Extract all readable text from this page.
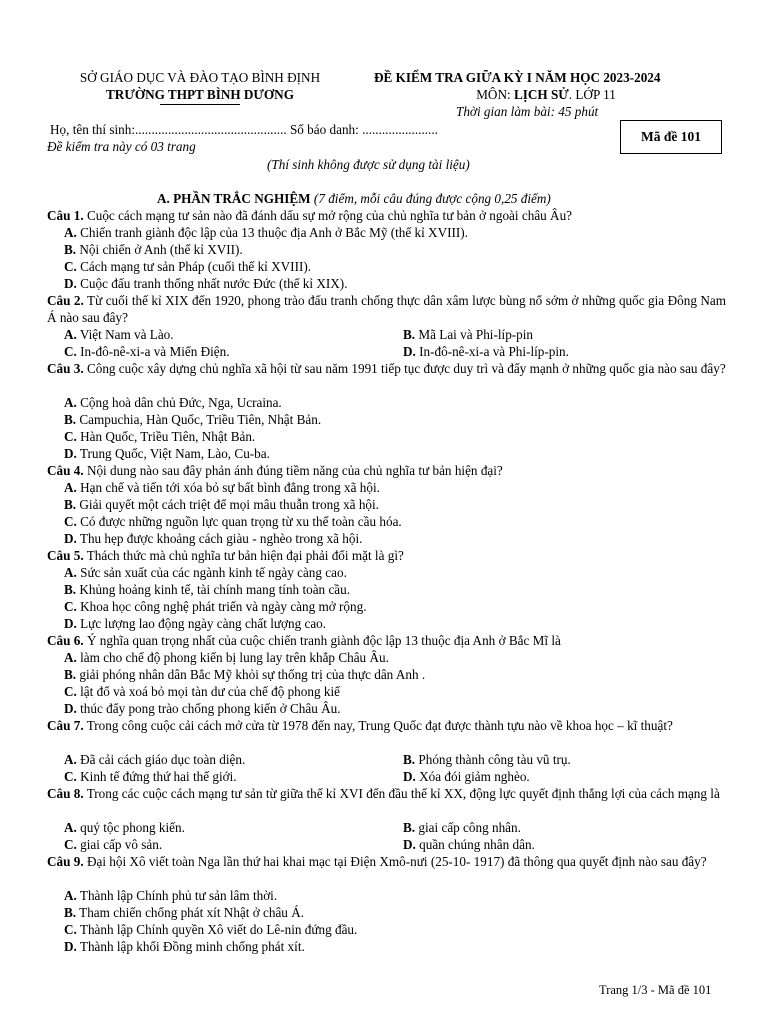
SỞ GIÁO DỤC VÀ ĐÀO TẠO BÌNH ĐỊNH
TRƯỜNG THPT BÌNH DƯƠNG
ĐỀ KIỂM TRA GIỮA KỲ I NĂM HỌC 2023-2024
MÔN: LỊCH SỬ. LỚP 11
Thời gian làm bài: 45 phút
Mã đề 101
Họ, tên thí sinh:.............................................. Số báo danh: .......................
Đề kiểm tra này có 03 trang
(Thí sinh không được sử dụng tài liệu)
A. PHẦN TRẮC NGHIỆM (7 điểm, mỗi câu đúng được cộng 0,25 điểm)
Câu 1. Cuộc cách mạng tư sản nào đã đánh dấu sự mở rộng của chủ nghĩa tư bản ở ngoài châu Âu?
A. Chiến tranh giành độc lập của 13 thuộc địa Anh ở Bắc Mỹ (thế kỉ XVIII).
B. Nội chiến ở Anh (thế kỉ XVII).
C. Cách mạng tư sản Pháp (cuối thế kỉ XVIII).
D. Cuộc đấu tranh thống nhất nước Đức (thế kỉ XIX).
Câu 2. Từ cuối thế kỉ XIX đến 1920, phong trào đấu tranh chống thực dân xâm lược bùng nổ sớm ở những quốc gia Đông Nam Á nào sau đây?
A. Việt Nam và Lào.	B. Mã Lai và Phi-líp-pin
C. In-đô-nê-xi-a và Miến Điện.	D. In-đô-nê-xi-a và Phi-líp-pin.
Câu 3. Công cuộc xây dựng chủ nghĩa xã hội từ sau năm 1991 tiếp tục được duy trì và đẩy mạnh ở những quốc gia nào sau đây?
A. Cộng hoà dân chủ Đức, Nga, Ucraina.
B. Campuchia, Hàn Quốc, Triều Tiên, Nhật Bản.
C. Hàn Quốc, Triều Tiên, Nhật Bản.
D. Trung Quốc, Việt Nam, Lào, Cu-ba.
Câu 4. Nội dung nào sau đây phản ánh đúng tiềm năng của chủ nghĩa tư bản hiện đại?
A. Hạn chế và tiến tới xóa bỏ sự bất bình đẳng trong xã hội.
B. Giải quyết một cách triệt để mọi mâu thuẫn trong xã hội.
C. Có được những nguồn lực quan trọng từ xu thế toàn cầu hóa.
D. Thu hẹp được khoảng cách giàu - nghèo trong xã hội.
Câu 5. Thách thức mà chủ nghĩa tư bản hiện đại phải đối mặt là gì?
A. Sức sản xuất của các ngành kinh tế ngày càng cao.
B. Khủng hoảng kinh tế, tài chính mang tính toàn cầu.
C. Khoa học công nghệ phát triển và ngày càng mở rộng.
D. Lực lượng lao động ngày càng chất lượng cao.
Câu 6. Ý nghĩa quan trọng nhất của cuộc chiến tranh giành độc lập 13 thuộc địa Anh ở Bắc Mĩ là
A. làm cho chế độ phong kiến bị lung lay trên khắp Châu Âu.
B. giải phóng nhân dân Bắc Mỹ khỏi sự thống trị của thực dân Anh .
C. lật đổ và xoá bỏ mọi tàn dư của chế độ phong kiế
D. thúc đẩy pong trào chống phong kiến ở Châu Âu.
Câu 7. Trong công cuộc cải cách mở cửa từ 1978 đến nay, Trung Quốc đạt được thành tựu nào về khoa học – kĩ thuật?
A. Đã cải cách giáo dục toàn diện.	B. Phóng thành công tàu vũ trụ.
C. Kinh tế đứng thứ hai thế giới.	D. Xóa đói giảm nghèo.
Câu 8. Trong các cuộc cách mạng tư sản từ giữa thế kỉ XVI đến đầu thế kỉ XX, động lực quyết định thắng lợi của cách mạng là
A. quý tộc phong kiến.	B. giai cấp công nhân.
C. giai cấp vô sản.	D. quần chúng nhân dân.
Câu 9. Đại hội Xô viết toàn Nga lần thứ hai khai mạc tại Điện Xmô-nưi (25-10- 1917) đã thông qua quyết định nào sau đây?
A. Thành lập Chính phủ tư sản lâm thời.
B. Tham chiến chống phát xít Nhật ở châu Á.
C. Thành lập Chính quyền Xô viết do Lê-nin đứng đầu.
D. Thành lập khối Đồng minh chống phát xít.
Trang 1/3 - Mã đề 101
